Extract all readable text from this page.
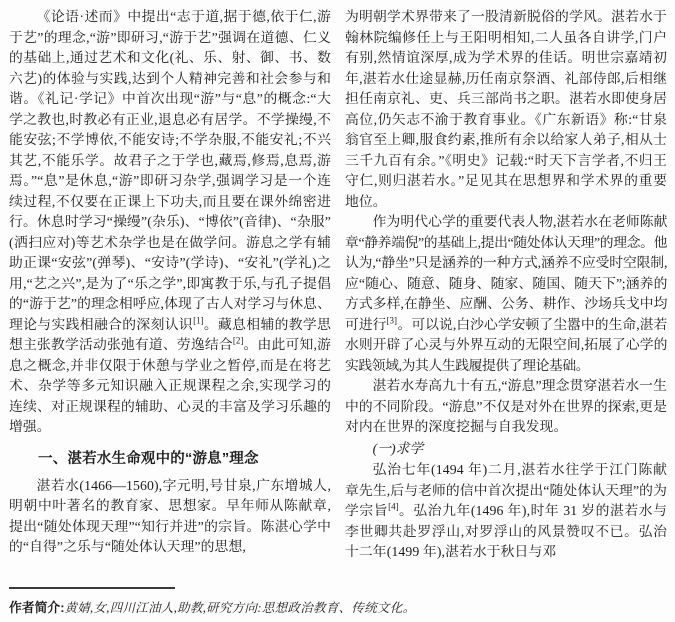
《论语·述而》中提出“志于道,据于德,依于仁,游于艺”的理念,“游”即研习,“游于艺”强调在道德、仁义的基础上,通过艺术和文化(礼、乐、射、御、书、数六艺)的体验与实践,达到个人精神完善和社会参与和谐。《礼记·学记》中首次出现“游”与“息”的概念:“大学之教也,时教必有正业,退息必有居学。不学操缦,不能安弦;不学博依,不能安诗;不学杂服,不能安礼;不兴其艺,不能乐学。故君子之于学也,藏焉,修焉,息焉,游焉。”“息”是休息,“游”即研习杂学,强调学习是一个连续过程,不仅要在正课上下功夫,而且要在课外绵密进行。休息时学习“操缦”(杂乐)、“博依”(音律)、“杂服”(洒扫应对)等艺术杂学也是在做学问。游息之学有辅助正课“安弦”(弹琴)、“安诗”(学诗)、“安礼”(学礼)之用,“艺之兴”,是为了“乐之学”,即寓教于乐,与孔子提倡的“游于艺”的理念相呼应,体现了古人对学习与休息、理论与实践相融合的深刻认识[1]。藏息相辅的教学思想主张教学活动张弛有道、劳逸结合[2]。由此可知,游息之概念,并非仅限于休憩与学业之暂停,而是在将艺术、杂学等多元知识融入正规课程之余,实现学习的连续、对正规课程的辅助、心灵的丰富及学习乐趣的增强。

一、湛若水生命观中的“游息”理念

湛若水(1466—1560),字元明,号甘泉,广东增城人,明朝中叶著名的教育家、思想家。早年师从陈献章,提出“随处体现天理”“知行并进”的宗旨。陈湛心学中的“自得”之乐与“随处体认天理”的思想,

为明朝学术界带来了一股清新脱俗的学风。湛若水于翰林院编修任上与王阳明相知,二人虽各自讲学,门户有别,然情谊深厚,成为学术界的佳话。明世宗嘉靖初年,湛若水仕途显赫,历任南京祭酒、礼部侍郎,后相继担任南京礼、吏、兵三部尚书之职。湛若水即使身居高位,仍矢志不渝于教育事业。《广东新语》称:“甘泉翁官至上卿,服食约素,推所有余以给家人弟子,相从士三千九百有余。”《明史》记载:“时天下言学者,不归王守仁,则归湛若水。”足见其在思想界和学术界的重要地位。

作为明代心学的重要代表人物,湛若水在老师陈献章“静养端倪”的基础上,提出“随处体认天理”的理念。他认为,“静坐”只是涵养的一种方式,涵养不应受时空限制,应“随心、随意、随身、随家、随国、随天下”;涵养的方式多样,在静坐、应酬、公务、耕作、沙场兵戈中均可进行[3]。可以说,白沙心学安顿了尘嚣中的生命,湛若水则开辟了心灵与外界互动的无限空间,拓展了心学的实践领域,为其人生践履提供了理论基础。

湛若水寿高九十有五,“游息”理念贯穿湛若水一生中的不同阶段。“游息”不仅是对外在世界的探索,更是对内在世界的深度挖掘与自我发现。

(一)求学

弘治七年(1494 年)二月,湛若水往学于江门陈献章先生,后与老师的信中首次提出“随处体认天理”的为学宗旨[4]。弘治九年(1496 年),时年 31 岁的湛若水与李世卿共赴罗浮山,对罗浮山的风景赞叹不已。弘治十二年(1499 年),湛若水于秋日与邓

作者简介:黄婧,女,四川江油人,助教,研究方向:思想政治教育、传统文化。
